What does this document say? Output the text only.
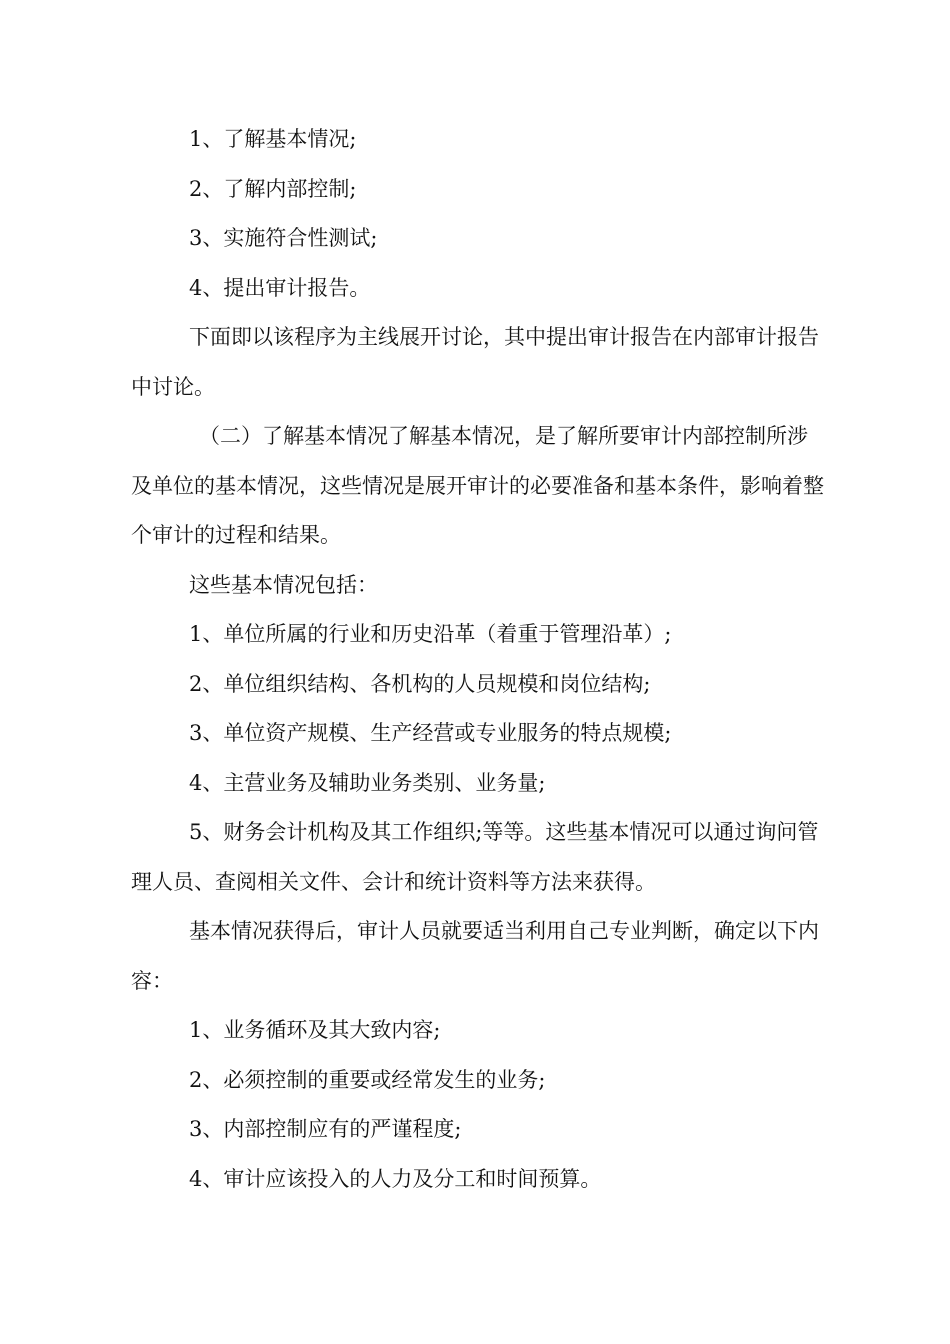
1、了解基本情况;

2、了解内部控制;

3、实施符合性测试;

4、提出审计报告。

下面即以该程序为主线展开讨论，其中提出审计报告在内部审计报告中讨论。

（二）了解基本情况了解基本情况，是了解所要审计内部控制所涉及单位的基本情况，这些情况是展开审计的必要准备和基本条件，影响着整个审计的过程和结果。

这些基本情况包括：

1、单位所属的行业和历史沿革（着重于管理沿革）;

2、单位组织结构、各机构的人员规模和岗位结构;

3、单位资产规模、生产经营或专业服务的特点规模;

4、主营业务及辅助业务类别、业务量;

5、财务会计机构及其工作组织;等等。这些基本情况可以通过询问管理人员、查阅相关文件、会计和统计资料等方法来获得。

基本情况获得后，审计人员就要适当利用自己专业判断，确定以下内容：

1、业务循环及其大致内容;

2、必须控制的重要或经常发生的业务;

3、内部控制应有的严谨程度;

4、审计应该投入的人力及分工和时间预算。
